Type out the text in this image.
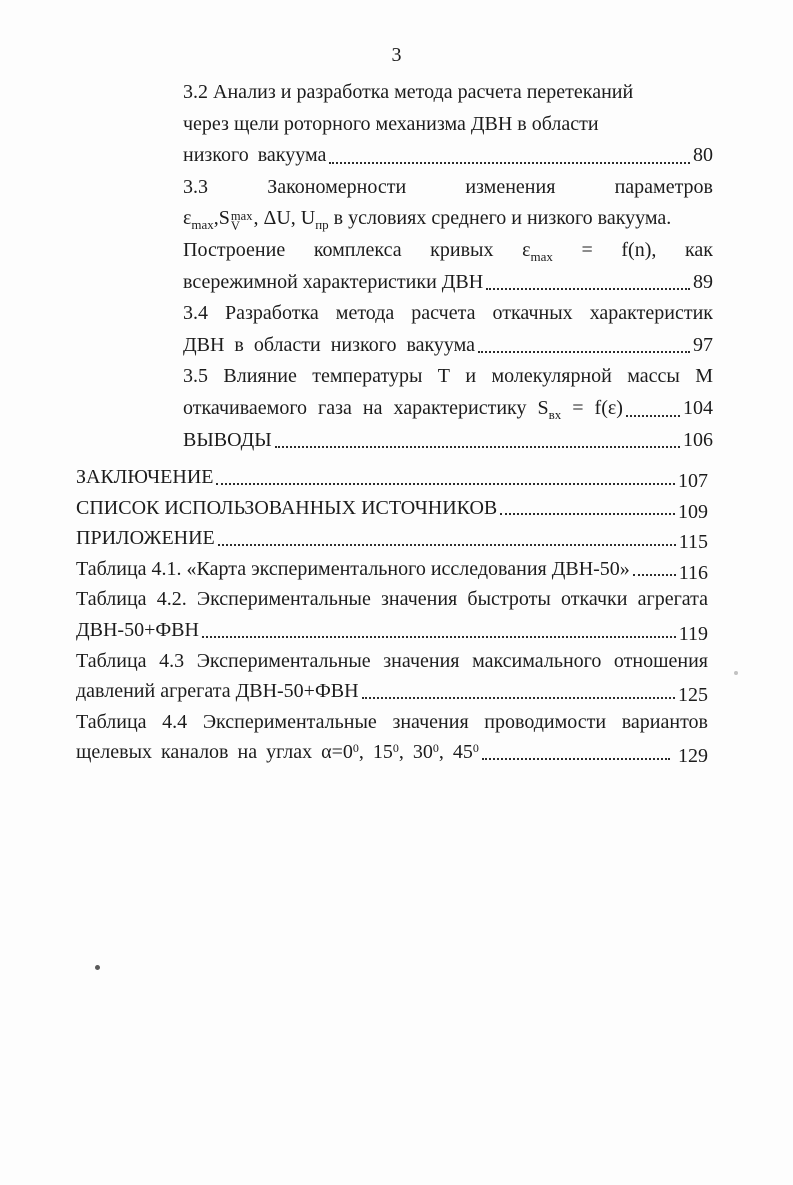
3
3.2 Анализ и разработка метода расчета перетеканий
через щели роторного механизма ДВН в области
низкого вакуума	80
3.3 Закономерности изменения параметров
$\varepsilon_{max},S$ max
V , ΔU, $U_{пр}$ в условиях среднего и низкого вакуума.
Построение комплекса кривых $\varepsilon_{max} = f(n)$, как
всережимной характеристики ДВН	89
3.4 Разработка метода расчета откачных характеристик
ДВН в области низкого вакуума	97
3.5 Влияние температуры Т и молекулярной массы М
откачиваемого газа на характеристику $S_{вх} = f(\varepsilon)$	104
ВЫВОДЫ	106
ЗАКЛЮЧЕНИЕ	107
СПИСОК ИСПОЛЬЗОВАННЫХ ИСТОЧНИКОВ	109
ПРИЛОЖЕНИЕ	115
Таблица 4.1. «Карта экспериментального исследования ДВН-50» 116
Таблица 4.2. Экспериментальные значения быстроты откачки агрегата
ДВН-50+ФВН	119
Таблица 4.3 Экспериментальные значения максимального отношения
давлений агрегата ДВН-50+ФВН	125
Таблица 4.4 Экспериментальные значения проводимости вариантов
щелевых каналов на углах $\alpha=0^0$, $15^0$, $30^0$, $45^0$	129
